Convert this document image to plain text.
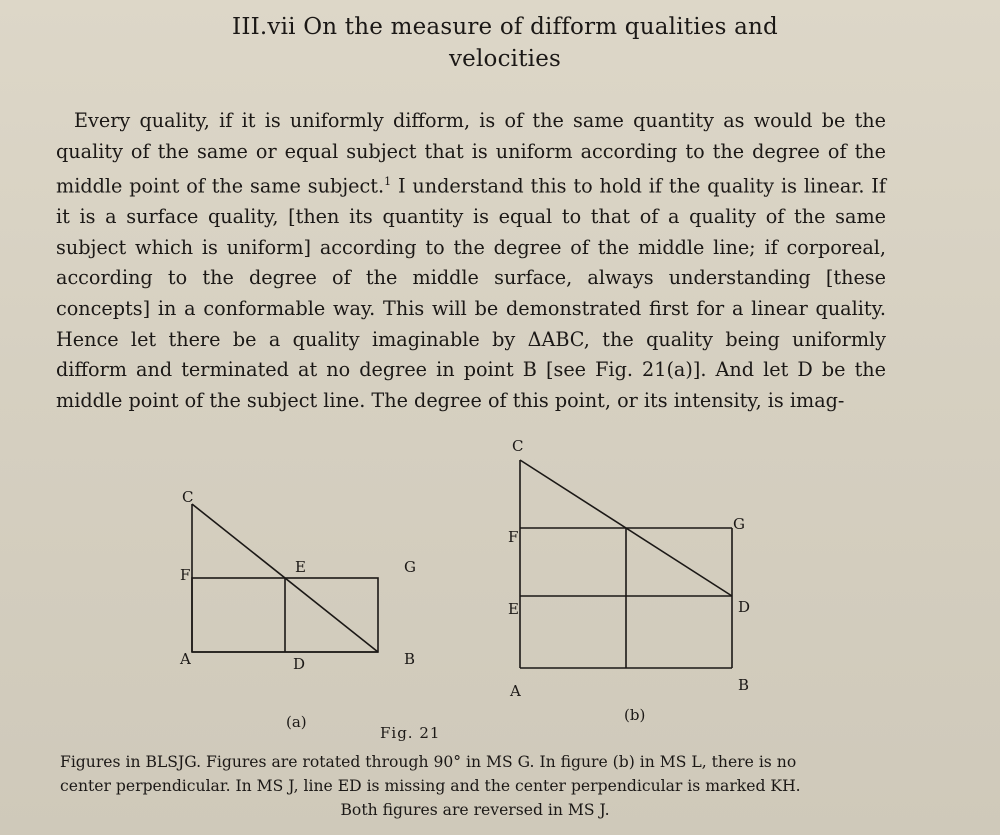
III.vii On the measure of difform qualities and
velocities
Every quality, if it is uniformly difform, is of the same quantity as would be the quality of the same or equal subject that is uniform according to the degree of the middle point of the same subject.$^1$ I understand this to hold if the quality is linear. If it is a surface quality, [then its quantity is equal to that of a quality of the same subject which is uniform] according to the degree of the middle line; if corporeal, according to the degree of the middle surface, always understanding [these concepts] in a conformable way. This will be demonstrated first for a linear quality. Hence let there be a quality imaginable by ΔABC, the quality being uniformly difform and terminated at no degree in point B [see Fig. 21(a)]. And let D be the middle point of the subject line. The degree of this point, or its intensity, is imag-
C
F	E	G
A	D	B
(a)
C
F
G
E	D
A	B
(b)
Fig. 21
Figures in BLSJG. Figures are rotated through 90° in MS G. In figure (b) in MS L, there is no
center perpendicular. In MS J, line ED is missing and the center perpendicular is marked KH.
Both figures are reversed in MS J.
